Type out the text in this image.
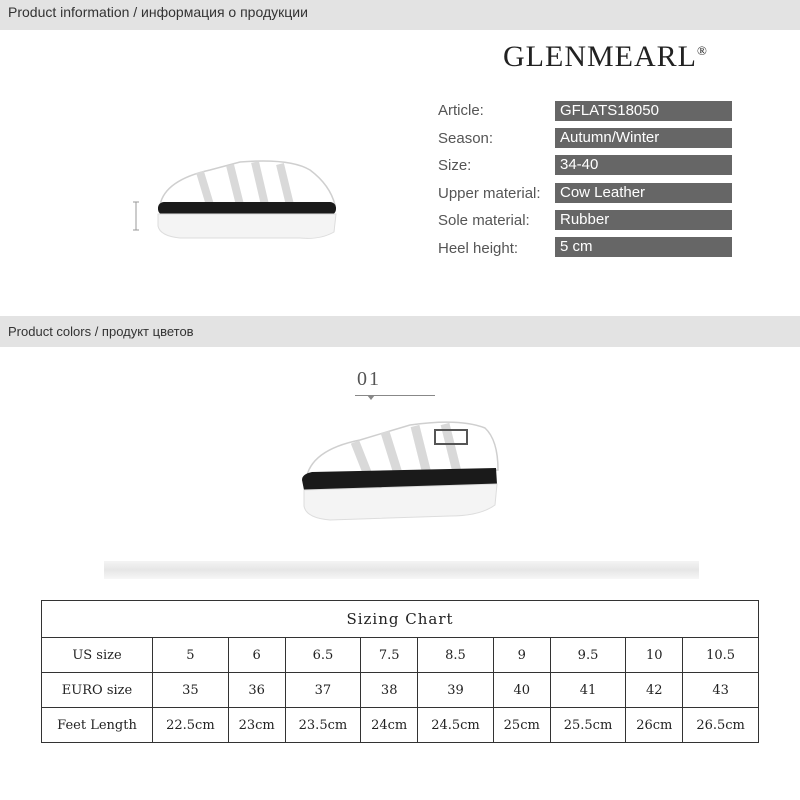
Product information / информация о продукции
GLENMEARL®
Article:	GFLATS18050
Season:	Autumn/Winter
Size:	34-40
Upper material:	Cow Leather
Sole material:	Rubber
Heel height:	5 cm
Product colors / продукт цветов
01
Sizing Chart									
US size	5	6	6.5	7.5	8.5	9	9.5	10	10.5
EURO size	35	36	37	38	39	40	41	42	43
Feet Length	22.5cm	23cm	23.5cm	24cm	24.5cm	25cm	25.5cm	26cm	26.5cm
